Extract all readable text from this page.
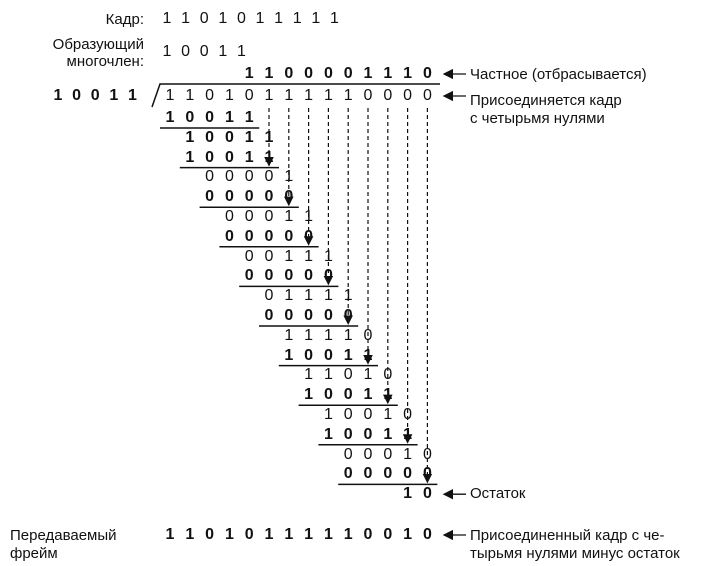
Кадр:
Образующий
многочлен:
Передаваемый
фрейм
Частное (отбрасывается)
Присоединяется кадр
с четырьмя нулями
Остаток
Присоединенный кадр с че-
тырьмя нулями минус остаток
1 1 0 1 0 1 1 1 1 1
1 0 0 1 1
1 1 0 0 0 0 1 1 1 0
1 0 0 1 1	1 1 0 1 0 1 1 1 1 1 0 0 0 0
1 0 0 1 1
1 0 0 1 1
1 0 0 1 1
0 0 0 0 1
0 0 0 0 0
0 0 0 1 1
0 0 0 0 0
0 0 1 1 1
0 0 0 0 0
0 1 1 1 1
0 0 0 0 0
1 1 1 1 0
1 0 0 1 1
1 1 0 1 0
1 0 0 1 1
1 0 0 1 0
1 0 0 1 1
0 0 0 1 0
0 0 0 0 0
1 0
1 1 0 1 0 1 1 1 1 1 0 0 1 0
